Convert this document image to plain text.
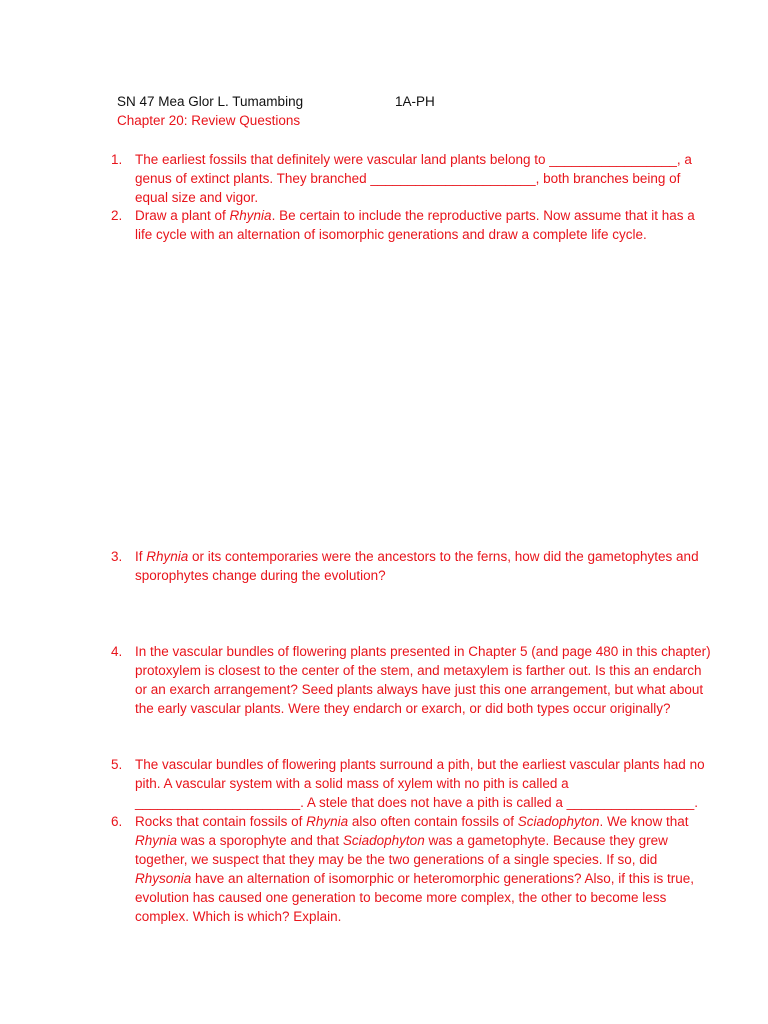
SN 47 Mea Glor L. Tumambing	1A-PH
Chapter 20: Review Questions
1. The earliest fossils that definitely were vascular land plants belong to _________________, a genus of extinct plants. They branched ______________________, both branches being of equal size and vigor.
2. Draw a plant of Rhynia. Be certain to include the reproductive parts. Now assume that it has a life cycle with an alternation of isomorphic generations and draw a complete life cycle.
3. If Rhynia or its contemporaries were the ancestors to the ferns, how did the gametophytes and sporophytes change during the evolution?
4. In the vascular bundles of flowering plants presented in Chapter 5 (and page 480 in this chapter) protoxylem is closest to the center of the stem, and metaxylem is farther out. Is this an endarch or an exarch arrangement? Seed plants always have just this one arrangement, but what about the early vascular plants. Were they endarch or exarch, or did both types occur originally?
5. The vascular bundles of flowering plants surround a pith, but the earliest vascular plants had no pith. A vascular system with a solid mass of xylem with no pith is called a ______________________. A stele that does not have a pith is called a _________________.
6. Rocks that contain fossils of Rhynia also often contain fossils of Sciadophyton. We know that Rhynia was a sporophyte and that Sciadophyton was a gametophyte. Because they grew together, we suspect that they may be the two generations of a single species. If so, did Rhysonia have an alternation of isomorphic or heteromorphic generations? Also, if this is true, evolution has caused one generation to become more complex, the other to become less complex. Which is which? Explain.
